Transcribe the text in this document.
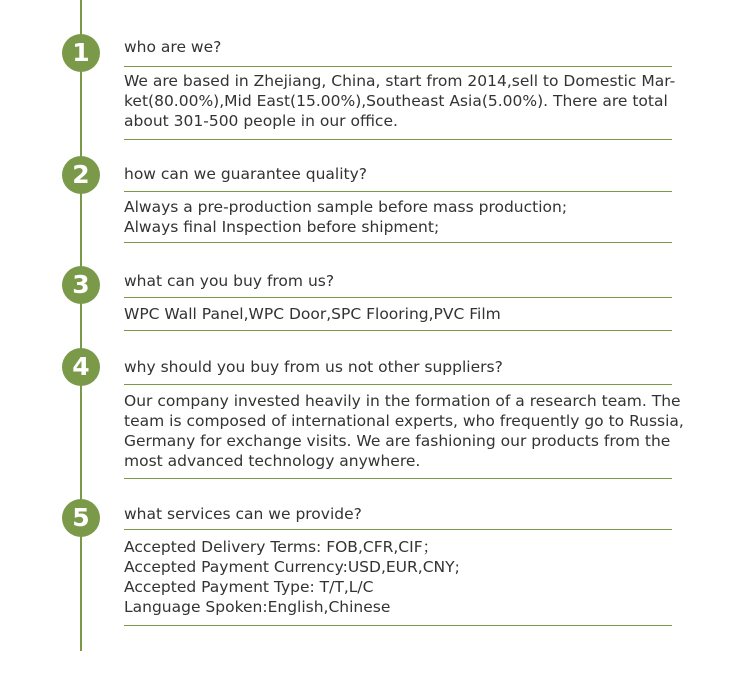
1	who are we?
We are based in Zhejiang, China, start from 2014,sell to Domestic Mar-
ket(80.00%),Mid East(15.00%),Southeast Asia(5.00%). There are total
about 301-500 people in our office.
2	how can we guarantee quality?
Always a pre-production sample before mass production;
Always final Inspection before shipment;
3	what can you buy from us?
WPC Wall Panel,WPC Door,SPC Flooring,PVC Film
4	why should you buy from us not other suppliers?
Our company invested heavily in the formation of a research team. The
team is composed of international experts, who frequently go to Russia,
Germany for exchange visits. We are fashioning our products from the
most advanced technology anywhere.
5	what services can we provide?
Accepted Delivery Terms: FOB,CFR,CIF；
Accepted Payment Currency:USD,EUR,CNY;
Accepted Payment Type: T/T,L/C
Language Spoken:English,Chinese
